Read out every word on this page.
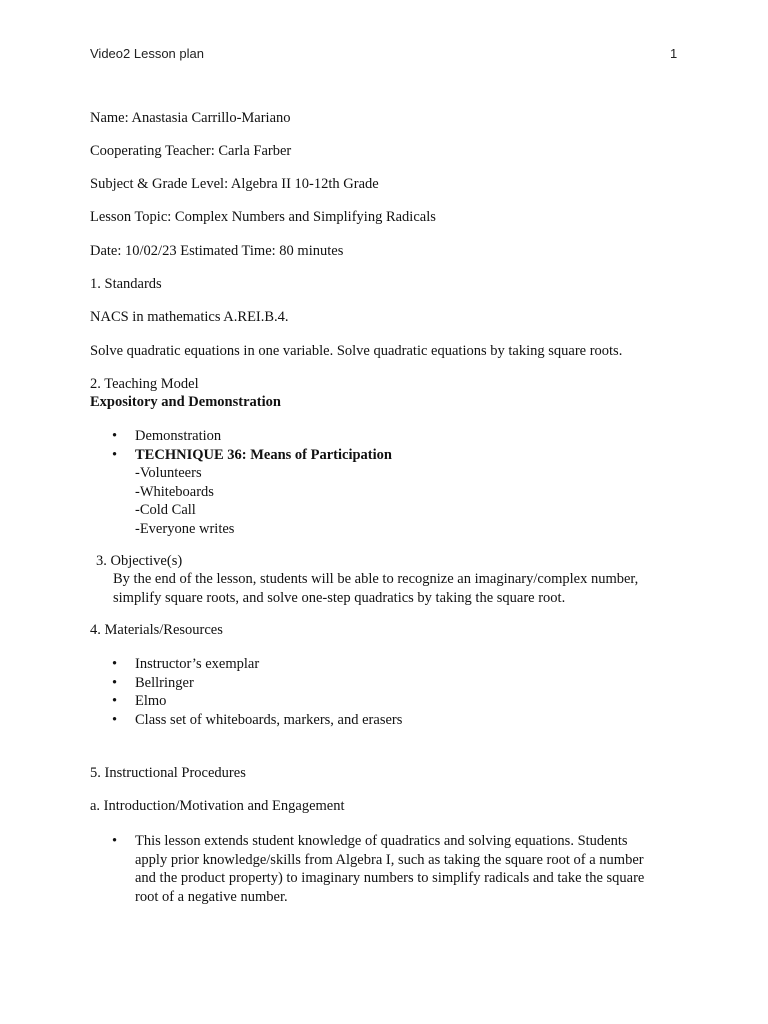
Video2 Lesson plan	1
Name: Anastasia Carrillo-Mariano
Cooperating Teacher: Carla Farber
Subject & Grade Level: Algebra II 10-12th Grade
Lesson Topic: Complex Numbers and Simplifying Radicals
Date: 10/02/23 Estimated Time: 80 minutes
1. Standards
NACS in mathematics A.REI.B.4.
Solve quadratic equations in one variable. Solve quadratic equations by taking square roots.
2. Teaching Model
Expository and Demonstration
• Demonstration
• TECHNIQUE 36: Means of Participation
-Volunteers
-Whiteboards
-Cold Call
-Everyone writes
3. Objective(s)
By the end of the lesson, students will be able to recognize an imaginary/complex number,
simplify square roots, and solve one-step quadratics by taking the square root.
4. Materials/Resources
• Instructor’s exemplar
• Bellringer
• Elmo
• Class set of whiteboards, markers, and erasers
5. Instructional Procedures
a. Introduction/Motivation and Engagement
• This lesson extends student knowledge of quadratics and solving equations. Students
apply prior knowledge/skills from Algebra I, such as taking the square root of a number
and the product property) to imaginary numbers to simplify radicals and take the square
root of a negative number.
